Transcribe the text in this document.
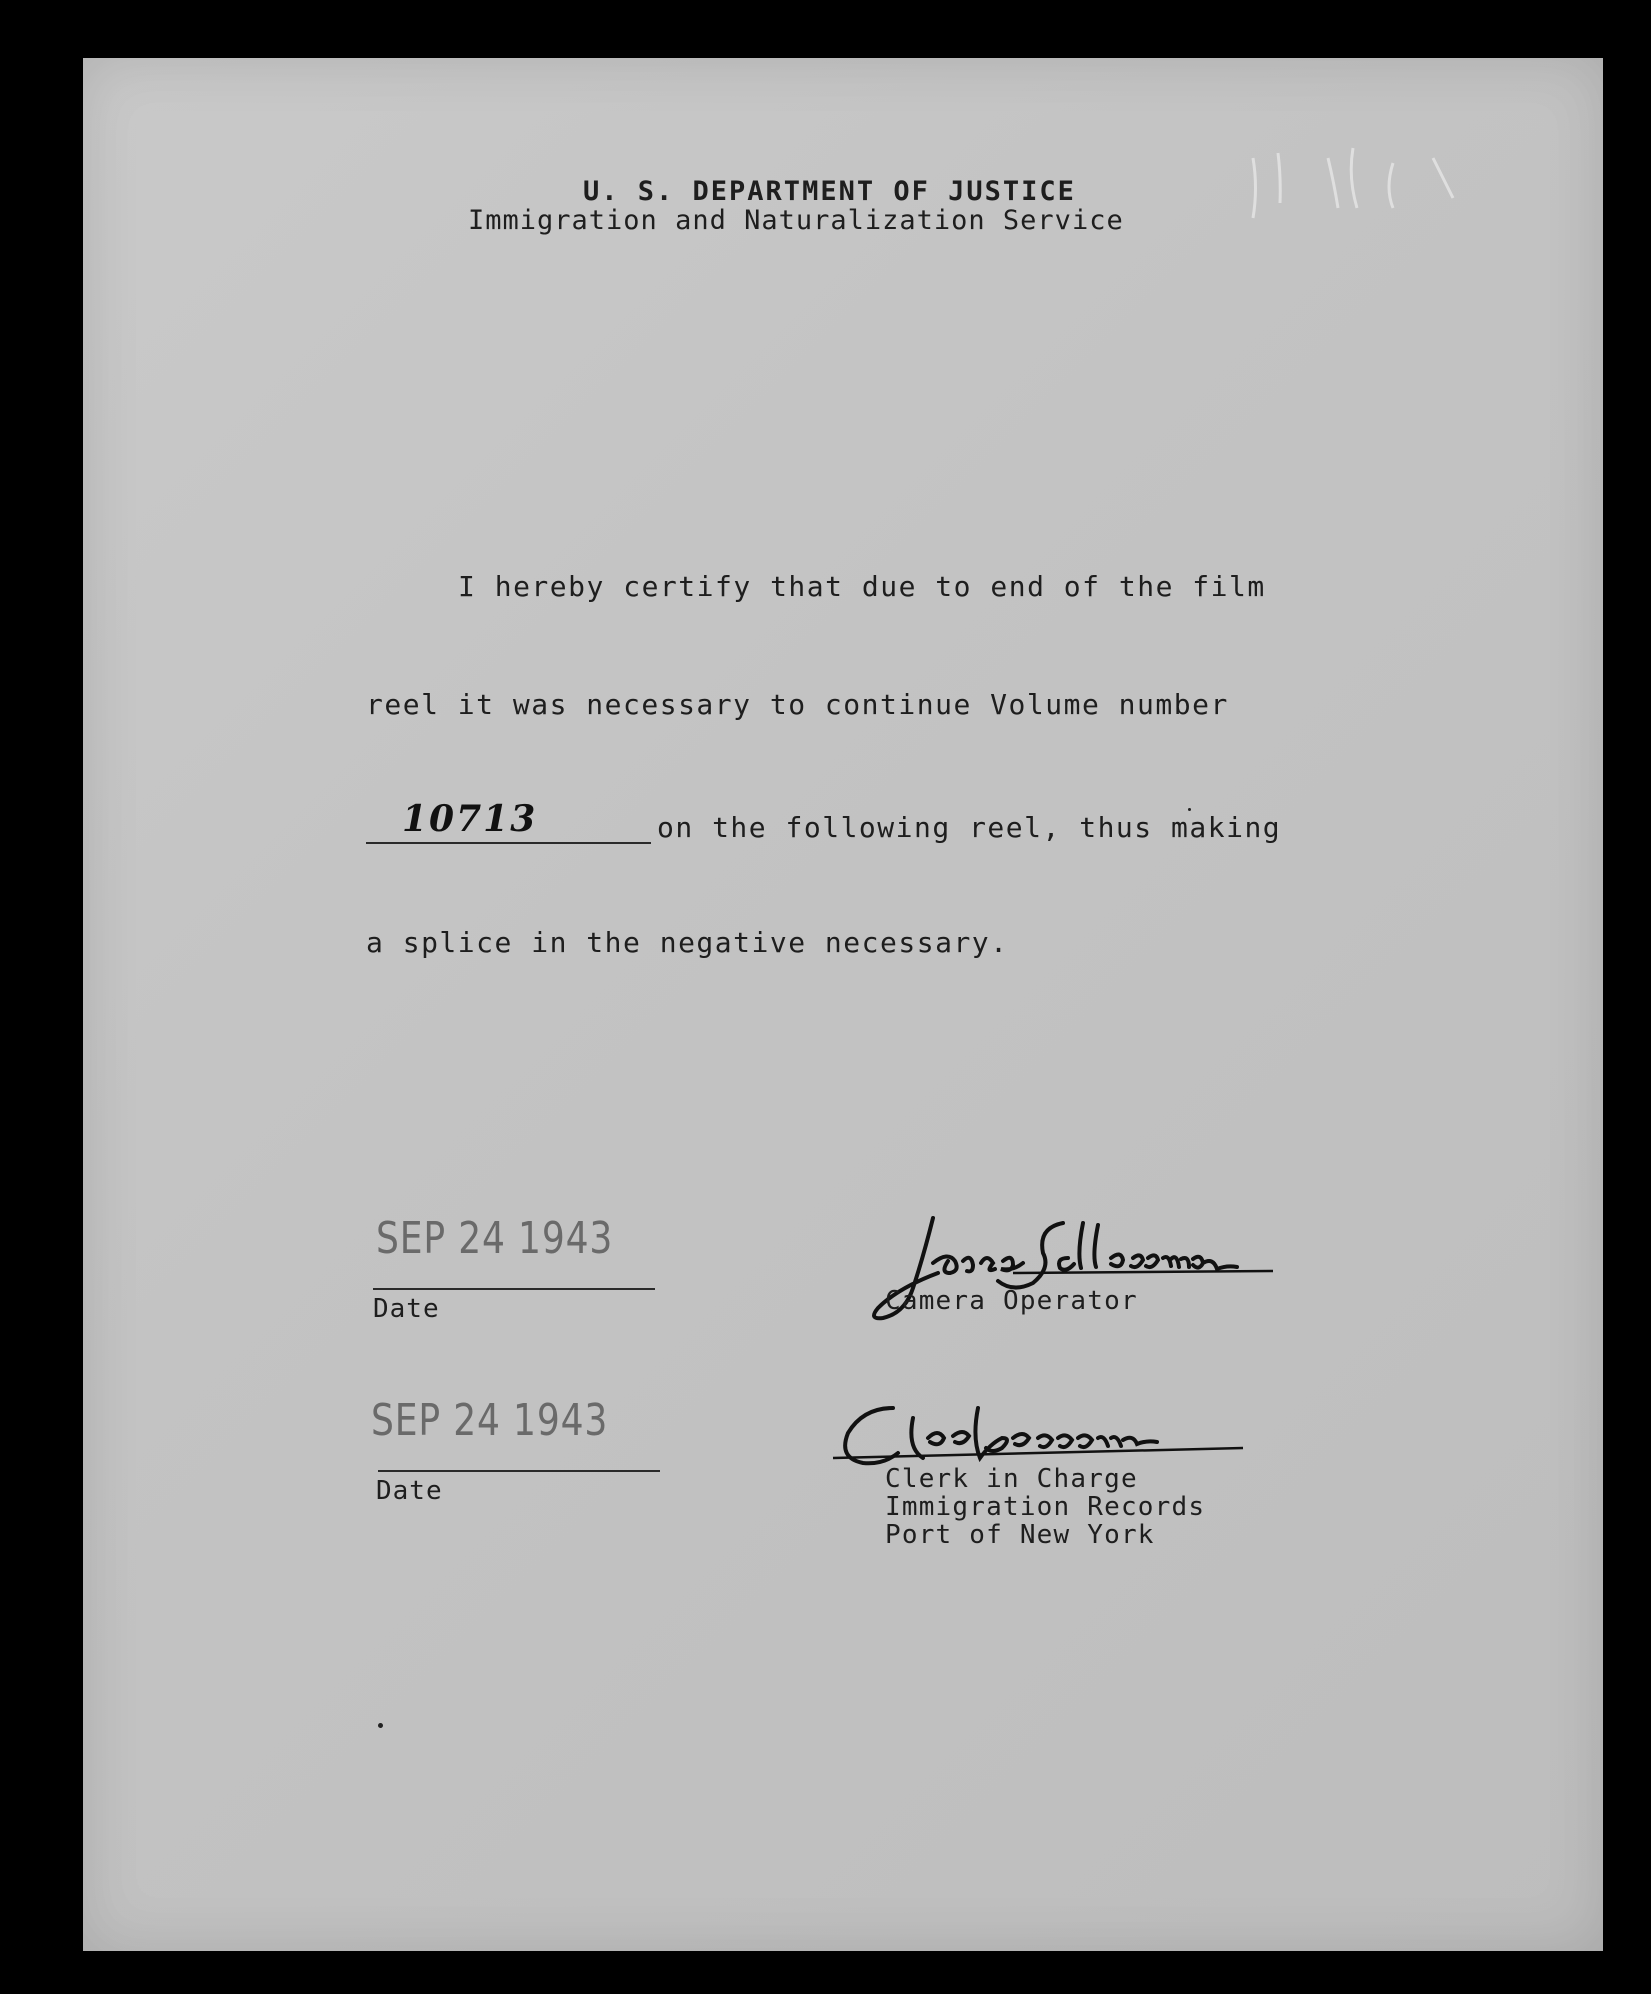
U. S. DEPARTMENT OF JUSTICE
Immigration and Naturalization Service
I hereby certify that due to end of the film
reel it was necessary to continue Volume number
10713	on the following reel, thus making
a splice in the negative necessary.
SEP 24 1943
Date
SEP 24 1943
Date
Camera Operator
Clerk in Charge
Immigration Records
Port of New York
